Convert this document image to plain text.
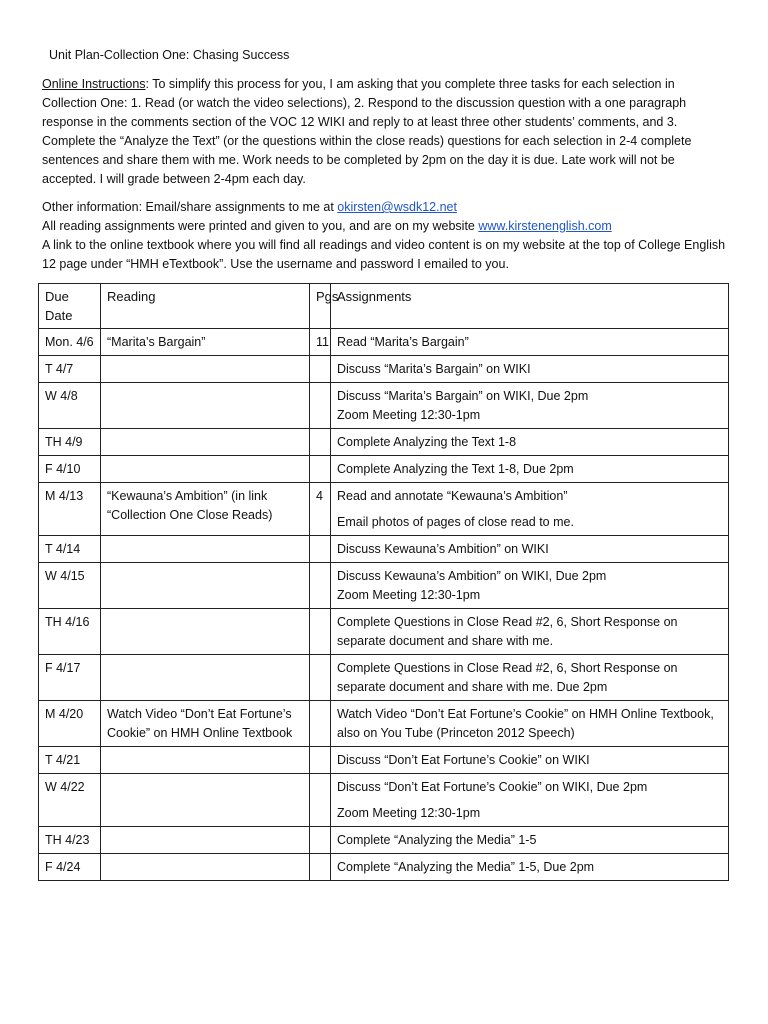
Unit Plan-Collection One: Chasing Success
Online Instructions: To simplify this process for you, I am asking that you complete three tasks for each selection in Collection One: 1. Read (or watch the video selections), 2. Respond to the discussion question with a one paragraph response in the comments section of the VOC 12 WIKI and reply to at least three other students’ comments, and 3. Complete the “Analyze the Text” (or the questions within the close reads) questions for each selection in 2-4 complete sentences and share them with me. Work needs to be completed by 2pm on the day it is due. Late work will not be accepted. I will grade between 2-4pm each day.

Other information: Email/share assignments to me at okirsten@wsdk12.net

All reading assignments were printed and given to you, and are on my website www.kirstenenglish.com

A link to the online textbook where you will find all readings and video content is on my website at the top of College English 12 page under “HMH eTextbook”. Use the username and password I emailed to you.

Due Date	Reading	Pgs	Assignments
Mon. 4/6	“Marita’s Bargain”	11	Read “Marita’s Bargain”

T 4/7			Discuss “Marita’s Bargain” on WIKI

W 4/8			Discuss “Marita’s Bargain” on WIKI, Due 2pm
Zoom Meeting 12:30-1pm

TH 4/9			Complete Analyzing the Text 1-8

F 4/10			Complete Analyzing the Text 1-8, Due 2pm

M 4/13	“Kewauna’s Ambition” (in link “Collection One Close Reads)	4	Read and annotate “Kewauna’s Ambition”
Email photos of pages of close read to me.

T 4/14			Discuss Kewauna’s Ambition” on WIKI

W 4/15			Discuss Kewauna’s Ambition” on WIKI, Due 2pm
Zoom Meeting 12:30-1pm

TH 4/16			Complete Questions in Close Read #2, 6, Short Response on separate document and share with me.

F 4/17			Complete Questions in Close Read #2, 6, Short Response on separate document and share with me. Due 2pm

M 4/20	Watch Video “Don’t Eat Fortune’s Cookie” on HMH Online Textbook		Watch Video “Don’t Eat Fortune’s Cookie” on HMH Online Textbook, also on You Tube (Princeton 2012 Speech)

T 4/21			Discuss “Don’t Eat Fortune’s Cookie” on WIKI

W 4/22			Discuss “Don’t Eat Fortune’s Cookie” on WIKI, Due 2pm
Zoom Meeting 12:30-1pm

TH 4/23			Complete “Analyzing the Media” 1-5

F 4/24			Complete “Analyzing the Media” 1-5, Due 2pm
